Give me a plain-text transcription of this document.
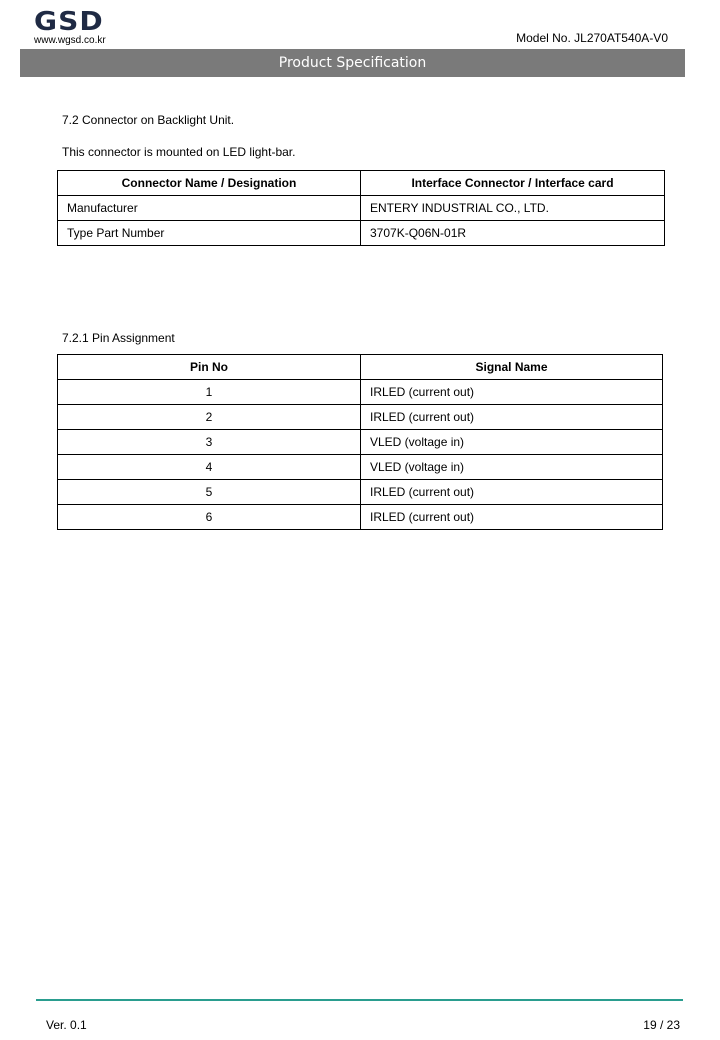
GSD
www.wgsd.co.kr	Model No. JL270AT540A-V0
Product Specification
7.2 Connector on Backlight Unit.
This connector is mounted on LED light-bar.
Connector Name / Designation	Interface Connector / Interface card
Manufacturer	ENTERY INDUSTRIAL CO., LTD.
Type Part Number	3707K-Q06N-01R
7.2.1 Pin Assignment
Pin No	Signal Name
1	IRLED (current out)
2	IRLED (current out)
3	VLED (voltage in)
4	VLED (voltage in)
5	IRLED (current out)
6	IRLED (current out)
Ver. 0.1	19 / 23
